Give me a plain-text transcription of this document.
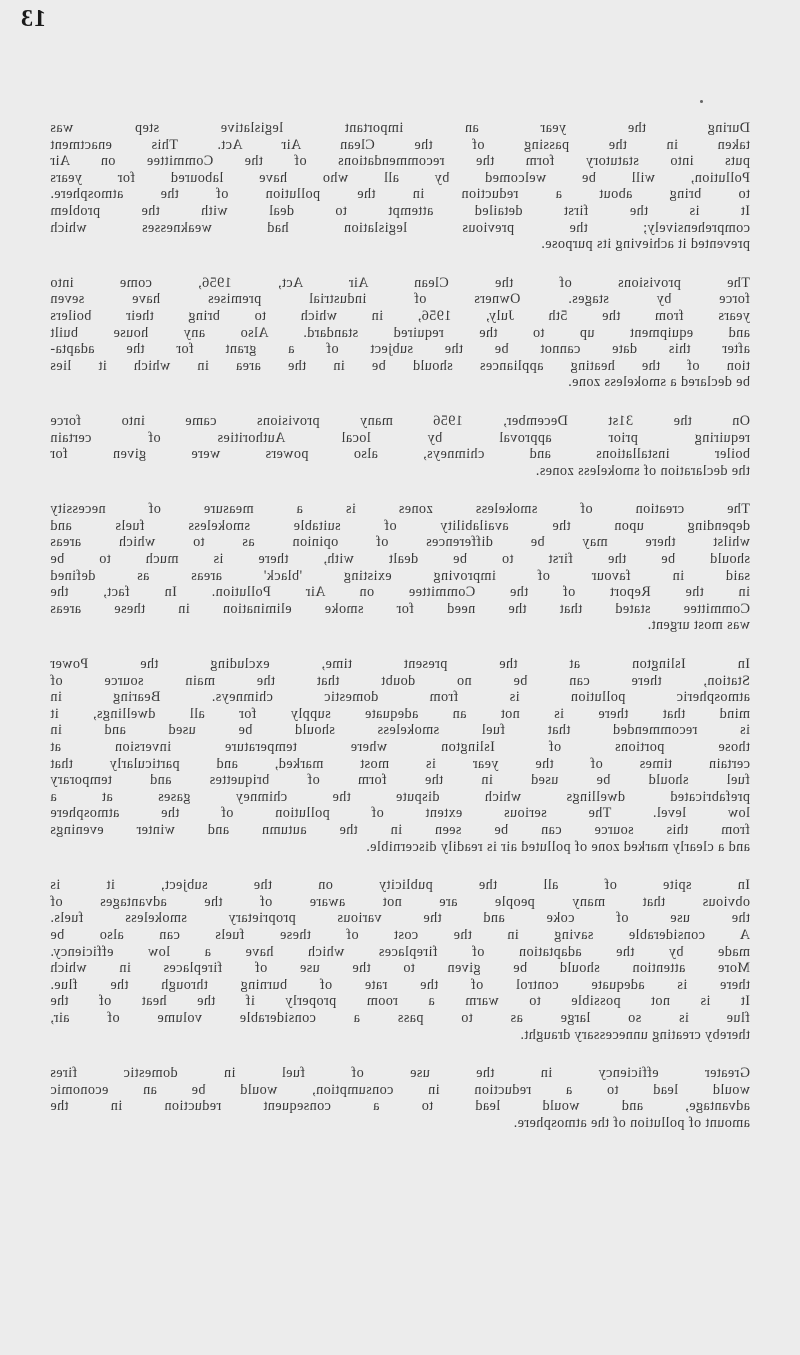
13
During the year an important legislative step was
taken in the passing of the Clean Air Act. This enactment
puts into statutory form the recommendations of the Committee on Air
Pollution, will be welcomed by all who have laboured for years
to bring about a reduction in the pollution of the atmosphere.
It is the first detailed attempt to deal with the problem
comprehensively; the previous legislation had weaknesses which
prevented it achieving its purpose.
The provisions of the Clean Air Act, 1956, come into
force by stages. Owners of industrial premises have seven
years from the 5th July, 1956, in which to bring their boilers
and equipment up to the required standard. Also any house built
after this date cannot be the subject of a grant for the adapta-
tion of the heating appliances should be in the area in which it lies
be declared a smokeless zone.
On the 31st December, 1956 many provisions came into force
requiring prior approval by local Authorities of certain
boiler installations and chimneys, also powers were given for
the declaration of smokeless zones.
The creation of smokeless zones is a measure of necessity
depending upon the availability of suitable smokeless fuels and
whilst there may be differences of opinion as to which areas
should be the first to be dealt with, there is much to be
said in favour of improving existing 'black' areas as defined
in the Report of the Committee on Air Pollution. In fact, the
Committee stated that the need for smoke elimination in these areas
was most urgent.
In Islington at the present time, excluding the Power
Station, there can be no doubt that the main source of
atmospheric pollution is from domestic chimneys. Bearing in
mind that there is not an adequate supply for all dwellings, it
is recommended that fuel smokeless should be used and in
those portions of Islington where temperature inversion at
certain times of the year is most marked, and particularly that
fuel should be used in the form of briquettes and temporary
prefabricated dwellings which dispute the chimney gases at a
low level. The serious extent of pollution of the atmosphere
from this source can be seen in the autumn and winter evenings
and a clearly marked zone of polluted air is readily discernible.
In spite of all the publicity on the subject, it is
obvious that many people are not aware of the advantages of
the use of coke and the various proprietary smokeless fuels.
A considerable saving in the cost of these fuels can also be
made by the adaptation of fireplaces which have a low efficiency.
More attention should be given to the use of fireplaces in which
there is adequate control of the rate of burning through the flue.
It is not possible to warm a room properly if the heat of the
flue is so large as to pass a considerable volume of air,
thereby creating unnecessary draught.
Greater efficiency in the use of fuel in domestic fires
would lead to a reduction in consumption, would be an economic
advantage, and would lead to a consequent reduction in the
amount of pollution of the atmosphere.
